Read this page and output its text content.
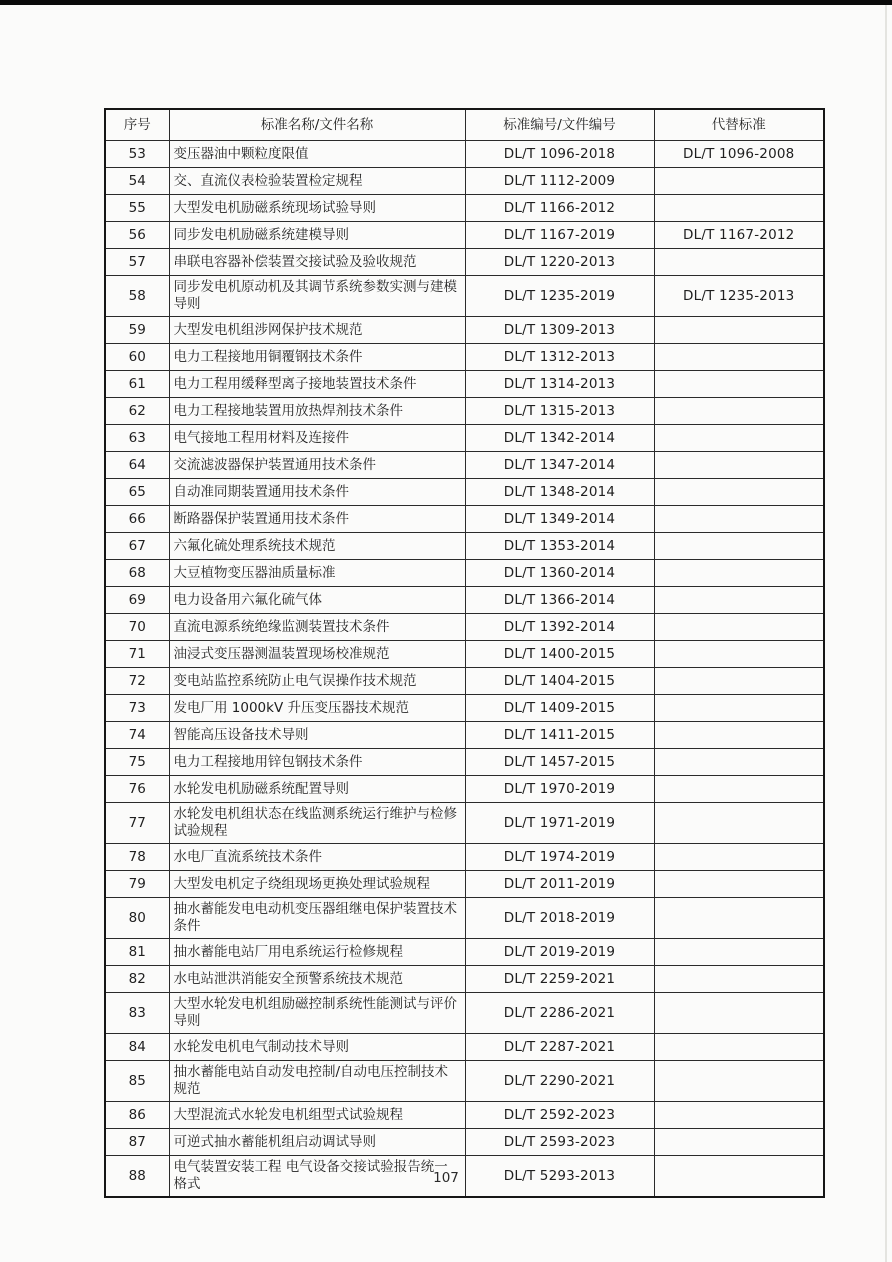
序号	标准名称/文件名称	标准编号/文件编号	代替标准
53	变压器油中颗粒度限值	DL/T 1096-2018	DL/T 1096-2008
54	交、直流仪表检验装置检定规程	DL/T 1112-2009	
55	大型发电机励磁系统现场试验导则	DL/T 1166-2012	
56	同步发电机励磁系统建模导则	DL/T 1167-2019	DL/T 1167-2012
57	串联电容器补偿装置交接试验及验收规范	DL/T 1220-2013	
58	同步发电机原动机及其调节系统参数实测与建模导则	DL/T 1235-2019	DL/T 1235-2013
59	大型发电机组涉网保护技术规范	DL/T 1309-2013	
60	电力工程接地用铜覆钢技术条件	DL/T 1312-2013	
61	电力工程用缓释型离子接地装置技术条件	DL/T 1314-2013	
62	电力工程接地装置用放热焊剂技术条件	DL/T 1315-2013	
63	电气接地工程用材料及连接件	DL/T 1342-2014	
64	交流滤波器保护装置通用技术条件	DL/T 1347-2014	
65	自动准同期装置通用技术条件	DL/T 1348-2014	
66	断路器保护装置通用技术条件	DL/T 1349-2014	
67	六氟化硫处理系统技术规范	DL/T 1353-2014	
68	大豆植物变压器油质量标准	DL/T 1360-2014	
69	电力设备用六氟化硫气体	DL/T 1366-2014	
70	直流电源系统绝缘监测装置技术条件	DL/T 1392-2014	
71	油浸式变压器测温装置现场校准规范	DL/T 1400-2015	
72	变电站监控系统防止电气误操作技术规范	DL/T 1404-2015	
73	发电厂用 1000kV 升压变压器技术规范	DL/T 1409-2015	
74	智能高压设备技术导则	DL/T 1411-2015	
75	电力工程接地用锌包钢技术条件	DL/T 1457-2015	
76	水轮发电机励磁系统配置导则	DL/T 1970-2019	
77	水轮发电机组状态在线监测系统运行维护与检修试验规程	DL/T 1971-2019	
78	水电厂直流系统技术条件	DL/T 1974-2019	
79	大型发电机定子绕组现场更换处理试验规程	DL/T 2011-2019	
80	抽水蓄能发电电动机变压器组继电保护装置技术条件	DL/T 2018-2019	
81	抽水蓄能电站厂用电系统运行检修规程	DL/T 2019-2019	
82	水电站泄洪消能安全预警系统技术规范	DL/T 2259-2021	
83	大型水轮发电机组励磁控制系统性能测试与评价导则	DL/T 2286-2021	
84	水轮发电机电气制动技术导则	DL/T 2287-2021	
85	抽水蓄能电站自动发电控制/自动电压控制技术规范	DL/T 2290-2021	
86	大型混流式水轮发电机组型式试验规程	DL/T 2592-2023	
87	可逆式抽水蓄能机组启动调试导则	DL/T 2593-2023	
88	电气装置安装工程 电气设备交接试验报告统一格式	DL/T 5293-2013	
107
